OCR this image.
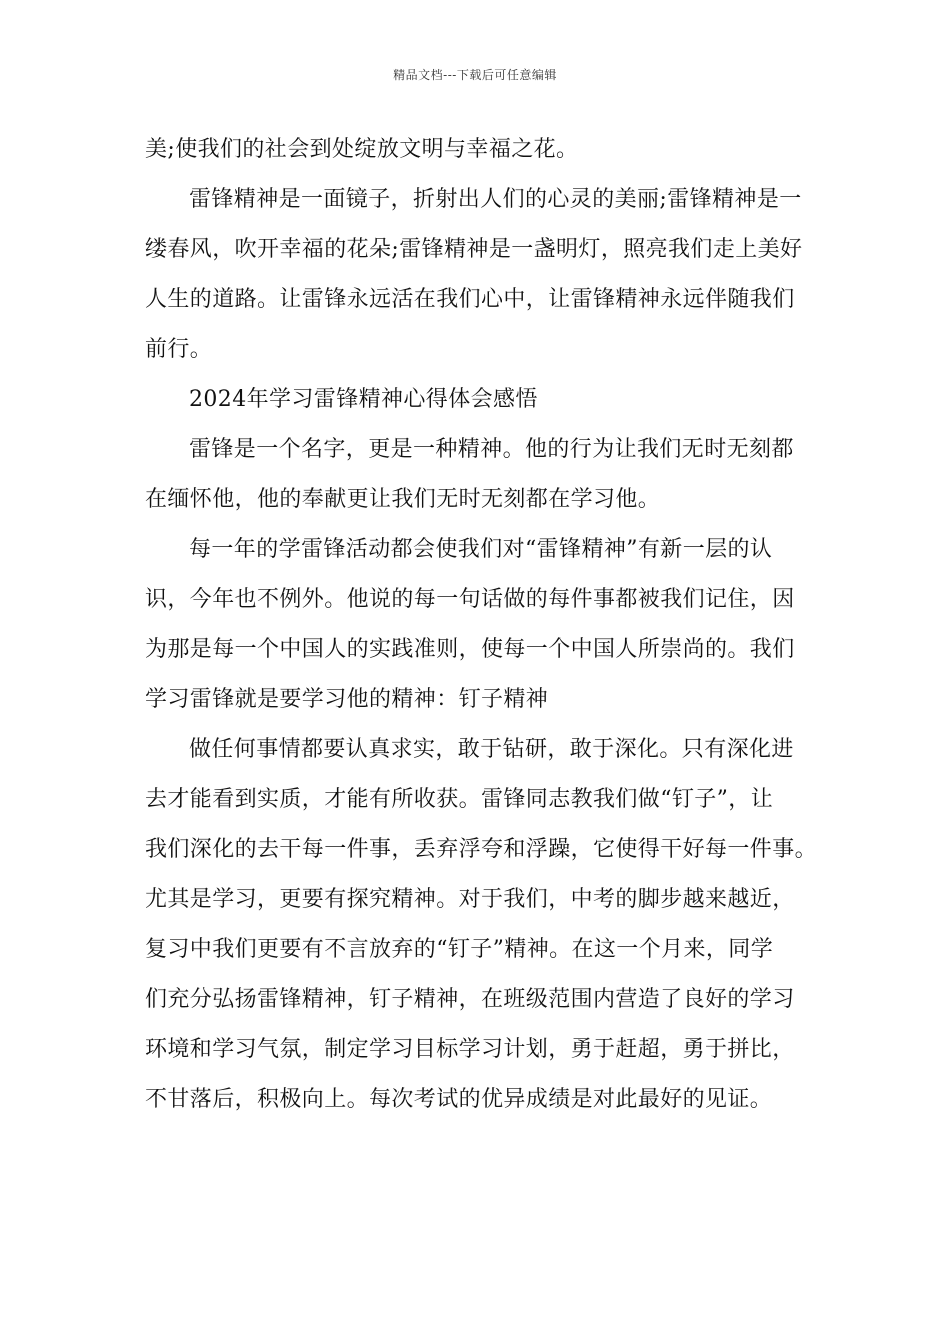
精品文档---下载后可任意编辑
美;使我们的社会到处绽放文明与幸福之花。
雷锋精神是一面镜子，折射出人们的心灵的美丽;雷锋精神是一
缕春风，吹开幸福的花朵;雷锋精神是一盏明灯，照亮我们走上美好
人生的道路。让雷锋永远活在我们心中，让雷锋精神永远伴随我们
前行。
2024年学习雷锋精神心得体会感悟
雷锋是一个名字，更是一种精神。他的行为让我们无时无刻都
在缅怀他，他的奉献更让我们无时无刻都在学习他。
每一年的学雷锋活动都会使我们对“雷锋精神”有新一层的认
识，今年也不例外。他说的每一句话做的每件事都被我们记住，因
为那是每一个中国人的实践准则，使每一个中国人所崇尚的。我们
学习雷锋就是要学习他的精神：钉子精神
做任何事情都要认真求实，敢于钻研，敢于深化。只有深化进
去才能看到实质，才能有所收获。雷锋同志教我们做“钉子”，让
我们深化的去干每一件事，丢弃浮夸和浮躁，它使得干好每一件事。
尤其是学习，更要有探究精神。对于我们，中考的脚步越来越近，
复习中我们更要有不言放弃的“钉子”精神。在这一个月来，同学
们充分弘扬雷锋精神，钉子精神，在班级范围内营造了良好的学习
环境和学习气氛，制定学习目标学习计划，勇于赶超，勇于拼比，
不甘落后，积极向上。每次考试的优异成绩是对此最好的见证。
